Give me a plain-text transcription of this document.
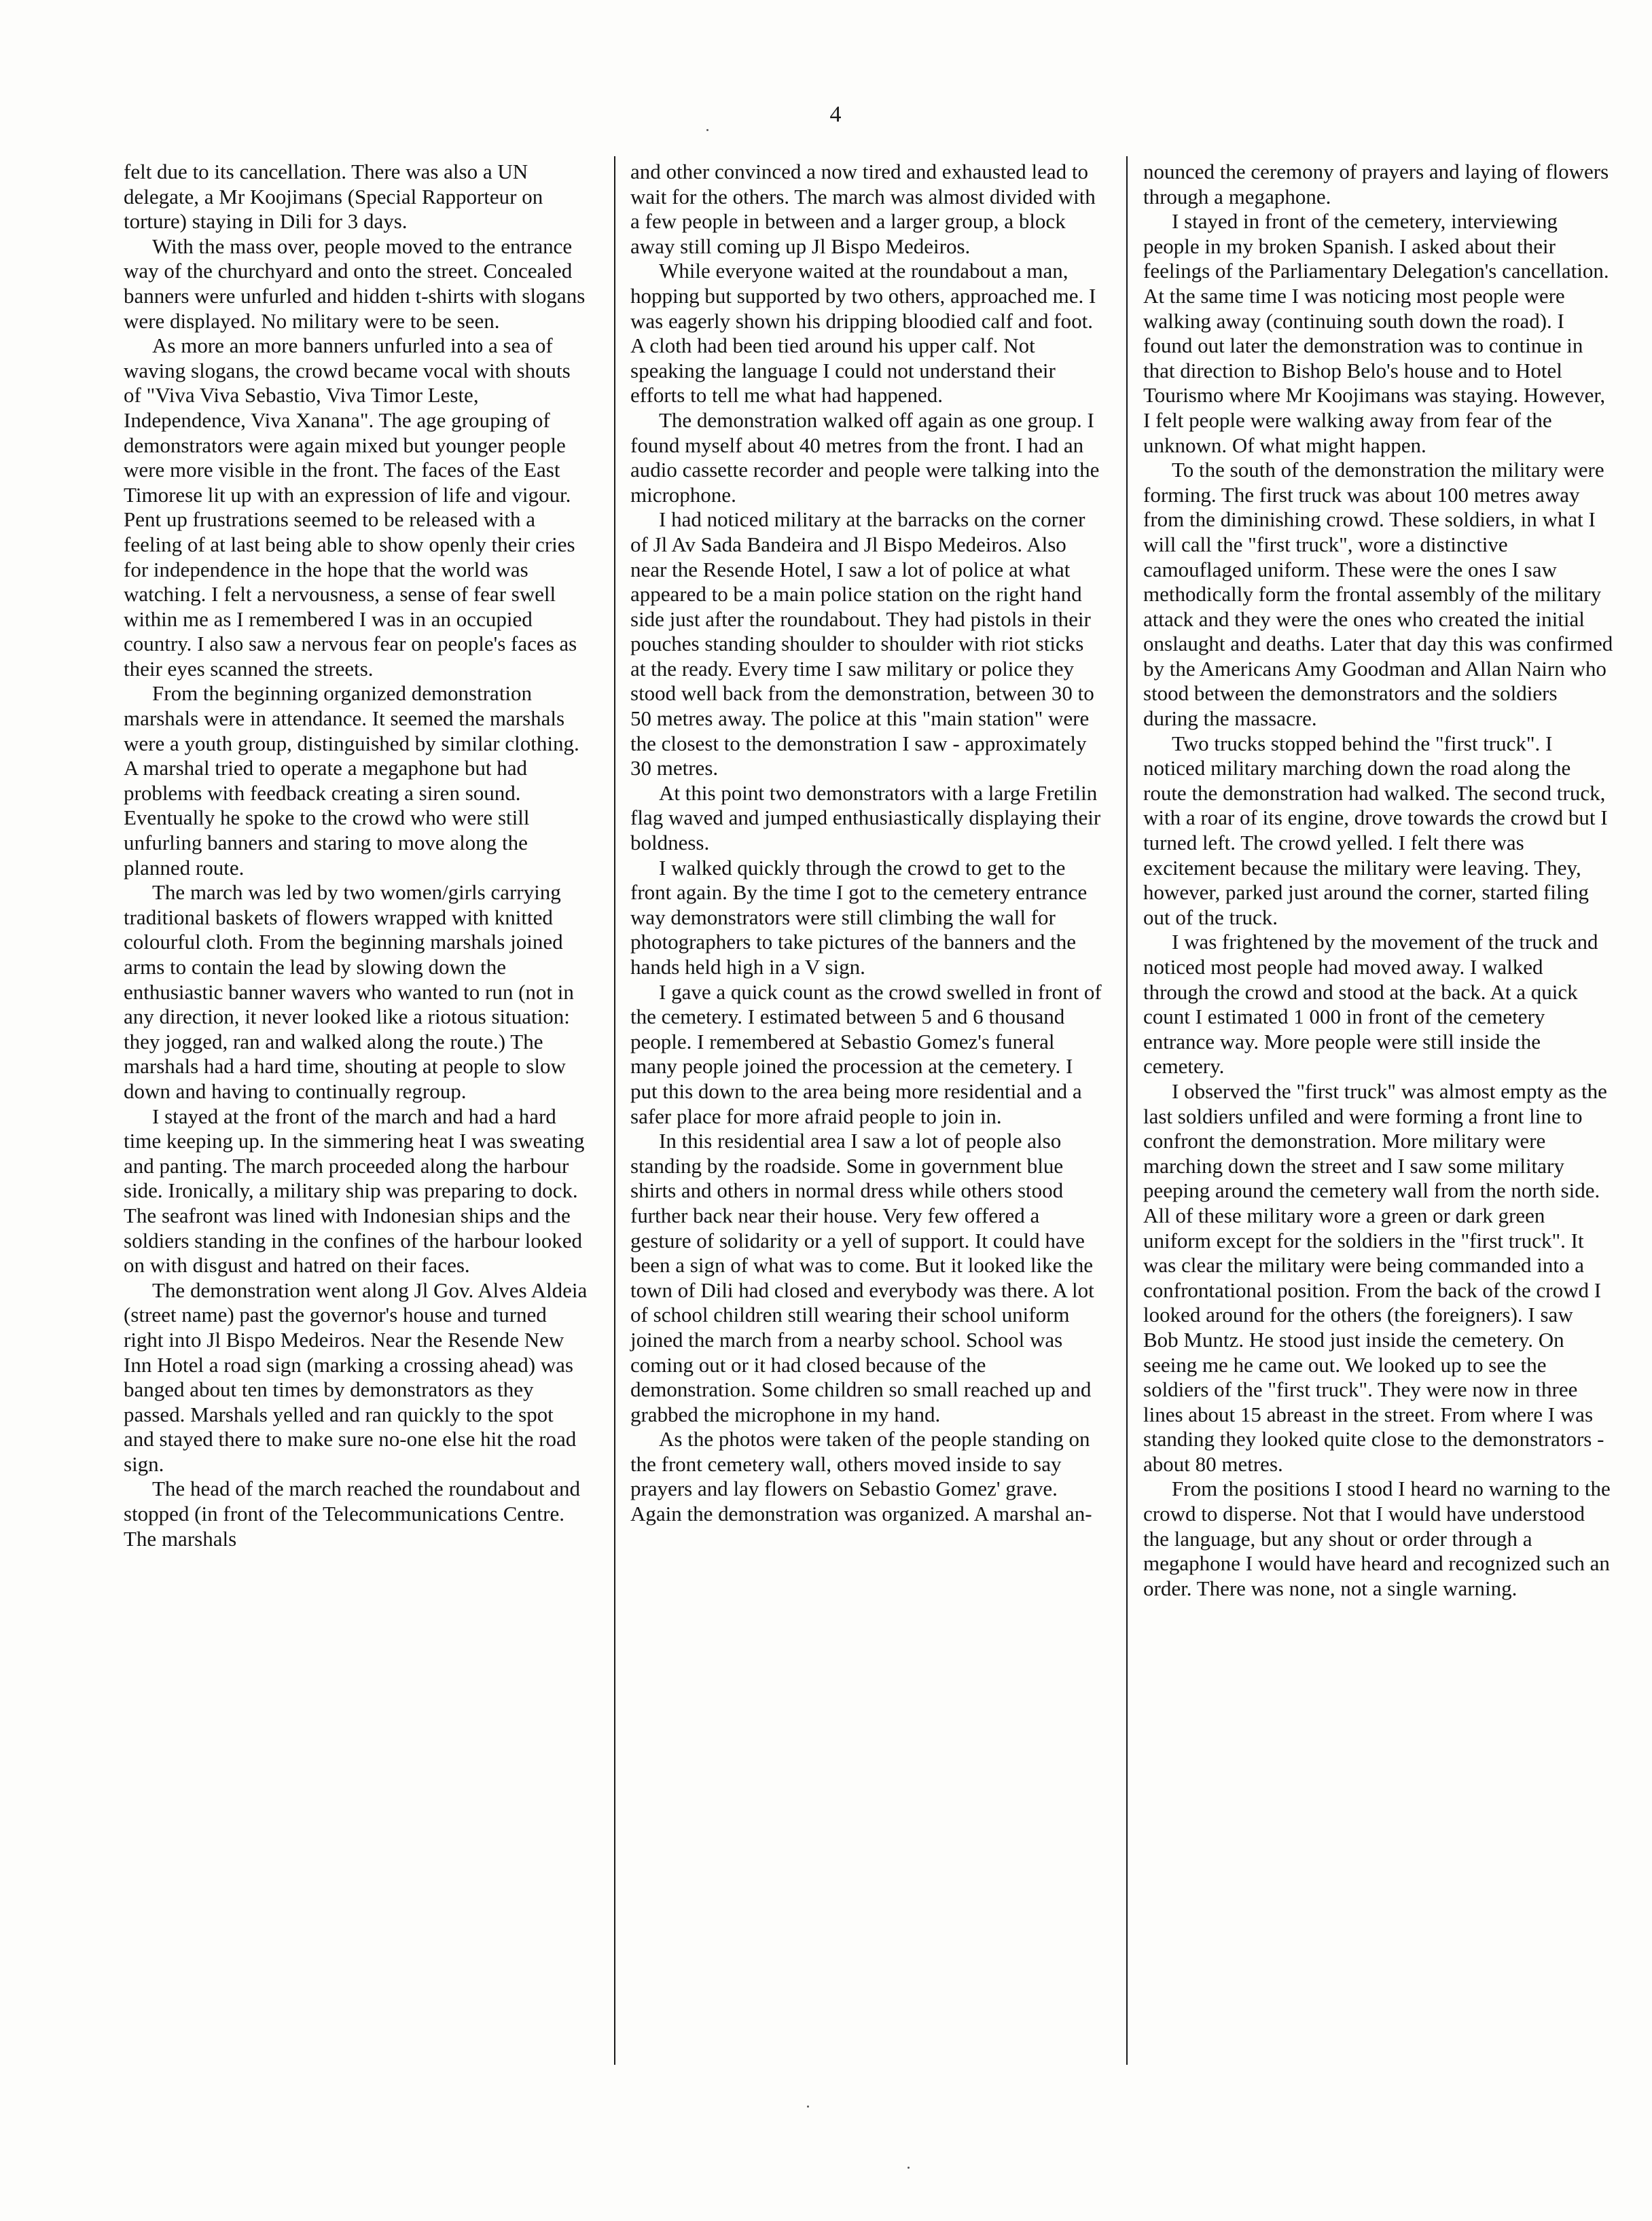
4

felt due to its cancellation. There was also a UN delegate, a Mr Koojimans (Special Rapporteur on torture) staying in Dili for 3 days.

With the mass over, people moved to the entrance way of the churchyard and onto the street. Concealed banners were unfurled and hidden t-shirts with slogans were displayed. No military were to be seen.

As more an more banners unfurled into a sea of waving slogans, the crowd became vocal with shouts of "Viva Viva Sebastio, Viva Timor Leste, Independence, Viva Xanana". The age grouping of demonstrators were again mixed but younger people were more visible in the front. The faces of the East Timorese lit up with an expression of life and vigour. Pent up frustrations seemed to be released with a feeling of at last being able to show openly their cries for independence in the hope that the world was watching. I felt a nervousness, a sense of fear swell within me as I remembered I was in an occupied country. I also saw a nervous fear on people's faces as their eyes scanned the streets.

From the beginning organized demonstration marshals were in attendance. It seemed the marshals were a youth group, distinguished by similar clothing. A marshal tried to operate a megaphone but had problems with feedback creating a siren sound. Eventually he spoke to the crowd who were still unfurling banners and staring to move along the planned route.

The march was led by two women/girls carrying traditional baskets of flowers wrapped with knitted colourful cloth. From the beginning marshals joined arms to contain the lead by slowing down the enthusiastic banner wavers who wanted to run (not in any direction, it never looked like a riotous situation: they jogged, ran and walked along the route.) The marshals had a hard time, shouting at people to slow down and having to continually regroup.

I stayed at the front of the march and had a hard time keeping up. In the simmering heat I was sweating and panting. The march proceeded along the harbour side. Ironically, a military ship was preparing to dock. The seafront was lined with Indonesian ships and the soldiers standing in the confines of the harbour looked on with disgust and hatred on their faces.

The demonstration went along Jl Gov. Alves Aldeia (street name) past the governor's house and turned right into Jl Bispo Medeiros. Near the Resende New Inn Hotel a road sign (marking a crossing ahead) was banged about ten times by demonstrators as they passed. Marshals yelled and ran quickly to the spot and stayed there to make sure no-one else hit the road sign.

The head of the march reached the roundabout and stopped (in front of the Telecommunications Centre. The marshals

and other convinced a now tired and exhausted lead to wait for the others. The march was almost divided with a few people in between and a larger group, a block away still coming up Jl Bispo Medeiros.

While everyone waited at the roundabout a man, hopping but supported by two others, approached me. I was eagerly shown his dripping bloodied calf and foot. A cloth had been tied around his upper calf. Not speaking the language I could not understand their efforts to tell me what had happened.

The demonstration walked off again as one group. I found myself about 40 metres from the front. I had an audio cassette recorder and people were talking into the microphone.

I had noticed military at the barracks on the corner of Jl Av Sada Bandeira and Jl Bispo Medeiros. Also near the Resende Hotel, I saw a lot of police at what appeared to be a main police station on the right hand side just after the roundabout. They had pistols in their pouches standing shoulder to shoulder with riot sticks at the ready. Every time I saw military or police they stood well back from the demonstration, between 30 to 50 metres away. The police at this "main station" were the closest to the demonstration I saw - approximately 30 metres.

At this point two demonstrators with a large Fretilin flag waved and jumped enthusiastically displaying their boldness.

I walked quickly through the crowd to get to the front again. By the time I got to the cemetery entrance way demonstrators were still climbing the wall for photographers to take pictures of the banners and the hands held high in a V sign.

I gave a quick count as the crowd swelled in front of the cemetery. I estimated between 5 and 6 thousand people. I remembered at Sebastio Gomez's funeral many people joined the procession at the cemetery. I put this down to the area being more residential and a safer place for more afraid people to join in.

In this residential area I saw a lot of people also standing by the roadside. Some in government blue shirts and others in normal dress while others stood further back near their house. Very few offered a gesture of solidarity or a yell of support. It could have been a sign of what was to come. But it looked like the town of Dili had closed and everybody was there. A lot of school children still wearing their school uniform joined the march from a nearby school. School was coming out or it had closed because of the demonstration. Some children so small reached up and grabbed the microphone in my hand.

As the photos were taken of the people standing on the front cemetery wall, others moved inside to say prayers and lay flowers on Sebastio Gomez' grave. Again the demonstration was organized. A marshal an-

nounced the ceremony of prayers and laying of flowers through a megaphone.

I stayed in front of the cemetery, interviewing people in my broken Spanish. I asked about their feelings of the Parliamentary Delegation's cancellation. At the same time I was noticing most people were walking away (continuing south down the road). I found out later the demonstration was to continue in that direction to Bishop Belo's house and to Hotel Tourismo where Mr Koojimans was staying. However, I felt people were walking away from fear of the unknown. Of what might happen.

To the south of the demonstration the military were forming. The first truck was about 100 metres away from the diminishing crowd. These soldiers, in what I will call the "first truck", wore a distinctive camouflaged uniform. These were the ones I saw methodically form the frontal assembly of the military attack and they were the ones who created the initial onslaught and deaths. Later that day this was confirmed by the Americans Amy Goodman and Allan Nairn who stood between the demonstrators and the soldiers during the massacre.

Two trucks stopped behind the "first truck". I noticed military marching down the road along the route the demonstration had walked. The second truck, with a roar of its engine, drove towards the crowd but I turned left. The crowd yelled. I felt there was excitement because the military were leaving. They, however, parked just around the corner, started filing out of the truck.

I was frightened by the movement of the truck and noticed most people had moved away. I walked through the crowd and stood at the back. At a quick count I estimated 1 000 in front of the cemetery entrance way. More people were still inside the cemetery.

I observed the "first truck" was almost empty as the last soldiers unfiled and were forming a front line to confront the demonstration. More military were marching down the street and I saw some military peeping around the cemetery wall from the north side. All of these military wore a green or dark green uniform except for the soldiers in the "first truck". It was clear the military were being commanded into a confrontational position. From the back of the crowd I looked around for the others (the foreigners). I saw Bob Muntz. He stood just inside the cemetery. On seeing me he came out. We looked up to see the soldiers of the "first truck". They were now in three lines about 15 abreast in the street. From where I was standing they looked quite close to the demonstrators - about 80 metres.

From the positions I stood I heard no warning to the crowd to disperse. Not that I would have understood the language, but any shout or order through a megaphone I would have heard and recognized such an order. There was none, not a single warning.
